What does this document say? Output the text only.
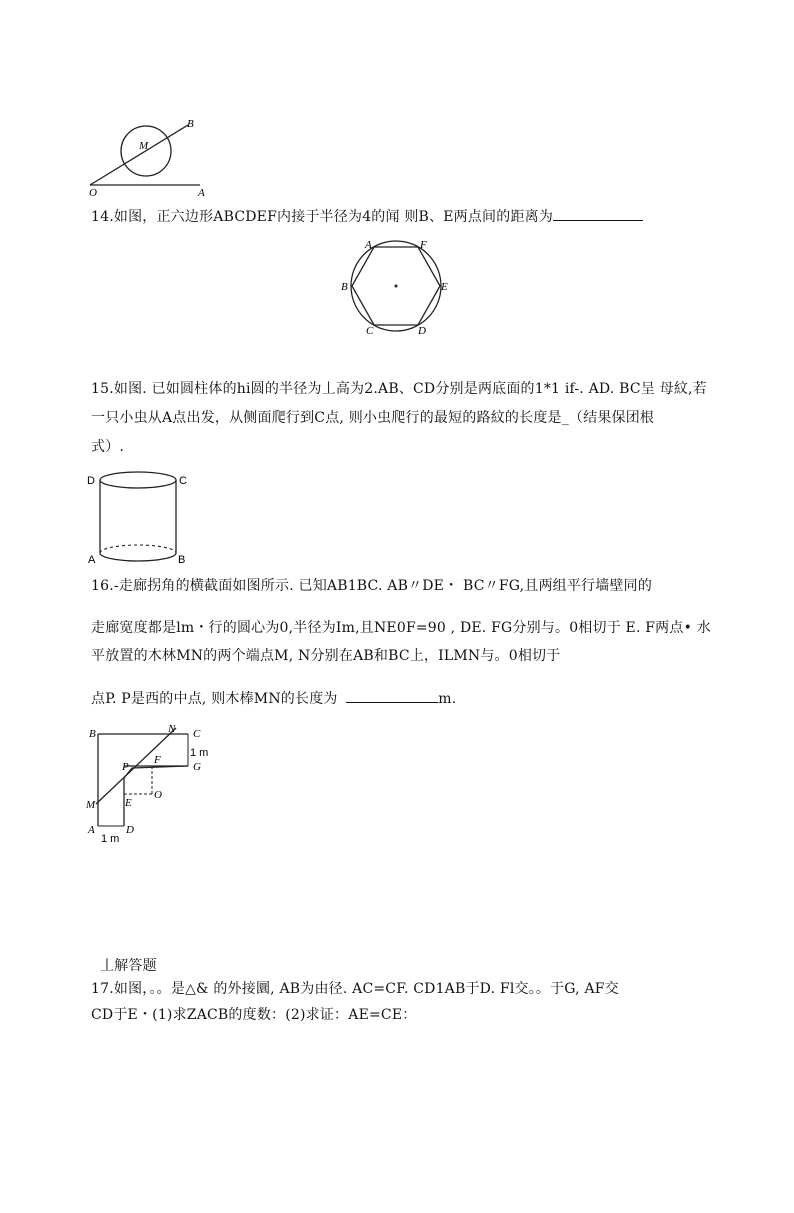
B
M
O	A
14.如图，正六边形ABCDEF内接于半径为4的闻 则B、E两点间的距离为
A	F
B	E
C	D
15.如图. 已如圆柱体的hi圆的半径为丄高为2.AB、CD分别是两底面的1*1 if-. AD. BC呈 母紋,若
一只小虫从A点出发，从侧面爬行到C点, 则小虫爬行的最短的路紋的长度是_（结果保团根
式）.
D	C
A	B
16.-走廊拐角的横截面如图所示. 已知AB1BC. AB〃DE・ BC〃FG,且两组平行墙壁同的
走廊宽度都是lm・行的圆心为0,半径为Im,且NE0F=90 , DE. FG分别与。0相切于 E. F两点• 水
平放置的木林MN的两个端点M, N分别在AB和BC上，ILMN与。0相切于
点P. P是西的中点, 则木棒MN的长度为	m.
B	N C
1 m
P
F
G
M	E
O
A	D
1 m
丄解答题
17.如图，。。是△& 的外接圜, AB为由径. AC=CF. CD1AB于D. Fl交。。于G, AF交
CD于E・(1)求ZACB的度数：(2)求证：AE=CE：
